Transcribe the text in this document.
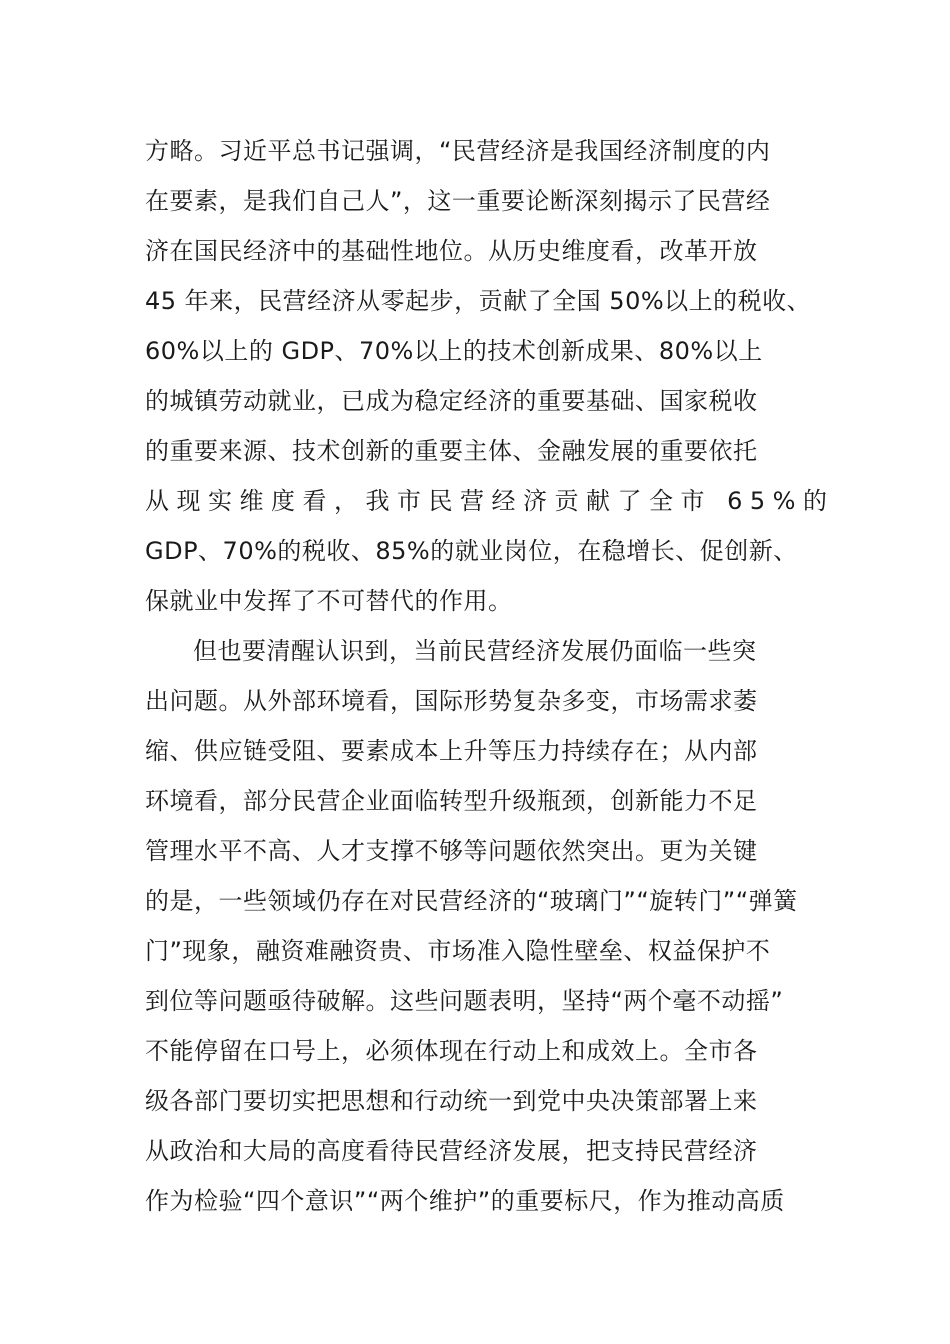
方略。习近平总书记强调，“民营经济是我国经济制度的内
在要素，是我们自己人”，这一重要论断深刻揭示了民营经
济在国民经济中的基础性地位。从历史维度看，改革开放
45 年来，民营经济从零起步，贡献了全国 50%以上的税收、
60%以上的 GDP、70%以上的技术创新成果、80%以上
的城镇劳动就业，已成为稳定经济的重要基础、国家税收
的重要来源、技术创新的重要主体、金融发展的重要依托
从现实维度看，我市民营经济贡献了全市 65%的
GDP、70%的税收、85%的就业岗位，在稳增长、促创新、
保就业中发挥了不可替代的作用。
但也要清醒认识到，当前民营经济发展仍面临一些突
出问题。从外部环境看，国际形势复杂多变，市场需求萎
缩、供应链受阻、要素成本上升等压力持续存在；从内部
环境看，部分民营企业面临转型升级瓶颈，创新能力不足
管理水平不高、人才支撑不够等问题依然突出。更为关键
的是，一些领域仍存在对民营经济的“玻璃门”“旋转门”“弹簧
门”现象，融资难融资贵、市场准入隐性壁垒、权益保护不
到位等问题亟待破解。这些问题表明，坚持“两个毫不动摇”
不能停留在口号上，必须体现在行动上和成效上。全市各
级各部门要切实把思想和行动统一到党中央决策部署上来
从政治和大局的高度看待民营经济发展，把支持民营经济
作为检验“四个意识”“两个维护”的重要标尺，作为推动高质
